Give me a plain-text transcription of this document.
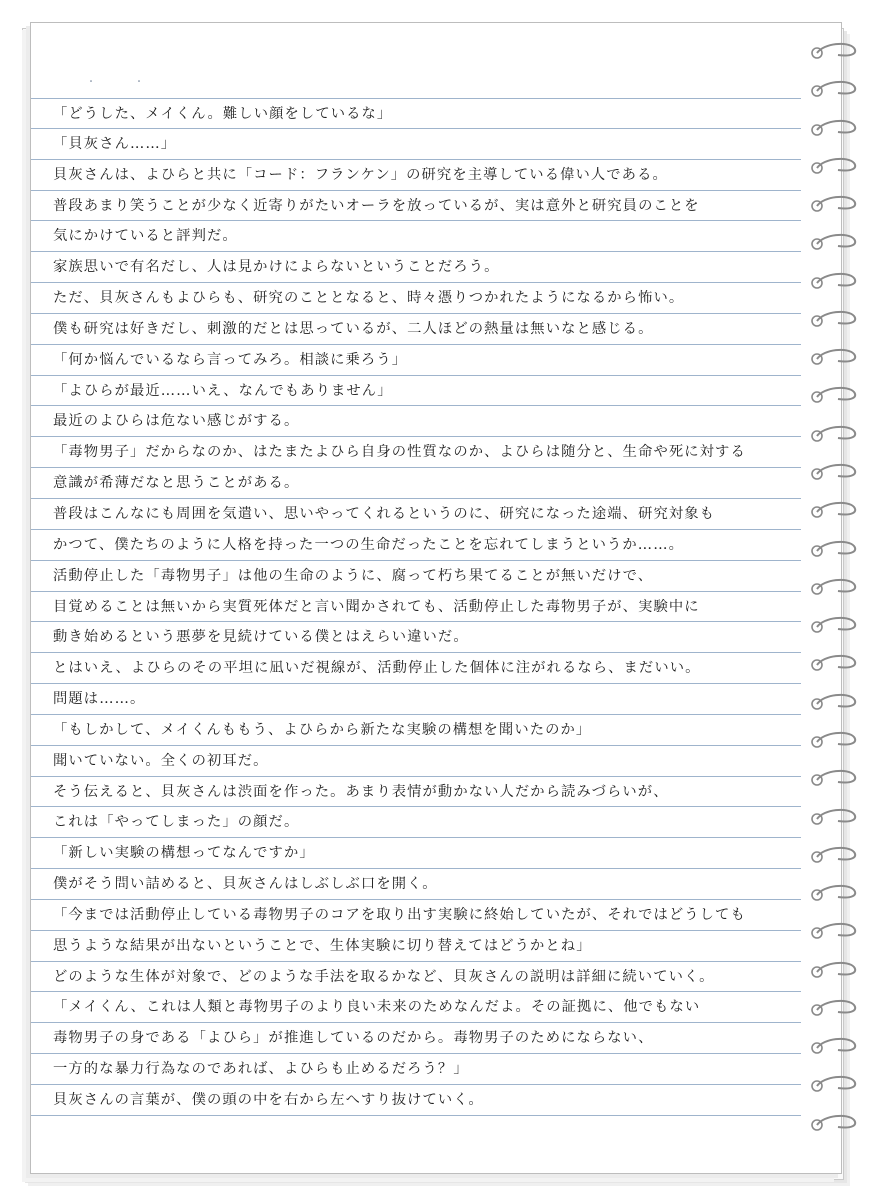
・	・
「どうした、メイくん。難しい顔をしているな」
「貝灰さん……」
貝灰さんは、よひらと共に「コード：フランケン」の研究を主導している偉い人である。
普段あまり笑うことが少なく近寄りがたいオーラを放っているが、実は意外と研究員のことを
気にかけていると評判だ。
家族思いで有名だし、人は見かけによらないということだろう。
ただ、貝灰さんもよひらも、研究のこととなると、時々憑りつかれたようになるから怖い。
僕も研究は好きだし、刺激的だとは思っているが、二人ほどの熱量は無いなと感じる。
「何か悩んでいるなら言ってみろ。相談に乗ろう」
「よひらが最近……いえ、なんでもありません」
最近のよひらは危ない感じがする。
「毒物男子」だからなのか、はたまたよひら自身の性質なのか、よひらは随分と、生命や死に対する
意識が希薄だなと思うことがある。
普段はこんなにも周囲を気遣い、思いやってくれるというのに、研究になった途端、研究対象も
かつて、僕たちのように人格を持った一つの生命だったことを忘れてしまうというか……。
活動停止した「毒物男子」は他の生命のように、腐って朽ち果てることが無いだけで、
目覚めることは無いから実質死体だと言い聞かされても、活動停止した毒物男子が、実験中に
動き始めるという悪夢を見続けている僕とはえらい違いだ。
とはいえ、よひらのその平坦に凪いだ視線が、活動停止した個体に注がれるなら、まだいい。
問題は……。
「もしかして、メイくんももう、よひらから新たな実験の構想を聞いたのか」
聞いていない。全くの初耳だ。
そう伝えると、貝灰さんは渋面を作った。あまり表情が動かない人だから読みづらいが、
これは「やってしまった」の顔だ。
「新しい実験の構想ってなんですか」
僕がそう問い詰めると、貝灰さんはしぶしぶ口を開く。
「今までは活動停止している毒物男子のコアを取り出す実験に終始していたが、それではどうしても
思うような結果が出ないということで、生体実験に切り替えてはどうかとね」
どのような生体が対象で、どのような手法を取るかなど、貝灰さんの説明は詳細に続いていく。
「メイくん、これは人類と毒物男子のより良い未来のためなんだよ。その証拠に、他でもない
毒物男子の身である「よひら」が推進しているのだから。毒物男子のためにならない、
一方的な暴力行為なのであれば、よひらも止めるだろう？」
貝灰さんの言葉が、僕の頭の中を右から左へすり抜けていく。
